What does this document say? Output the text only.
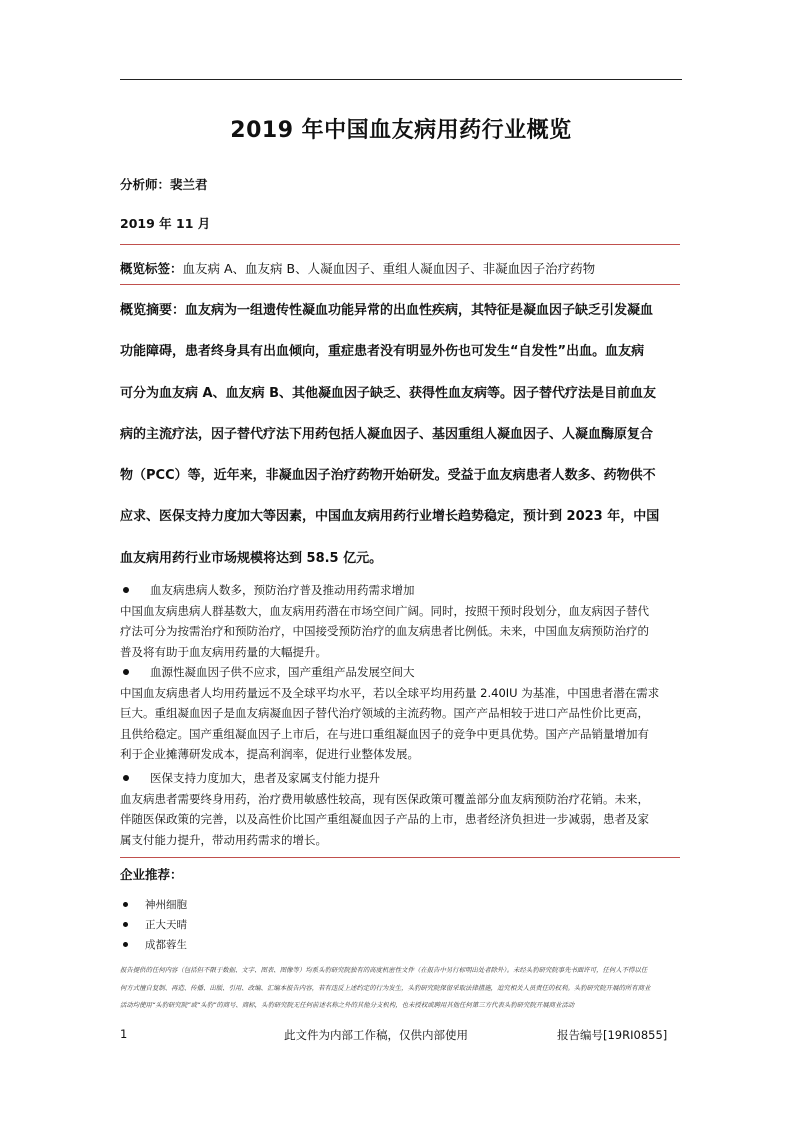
2019 年中国血友病用药行业概览
分析师：裴兰君
2019 年 11 月
概览标签：血友病 A、血友病 B、人凝血因子、重组人凝血因子、非凝血因子治疗药物

概览摘要：血友病为一组遗传性凝血功能异常的出血性疾病，其特征是凝血因子缺乏引发凝血

功能障碍，患者终身具有出血倾向，重症患者没有明显外伤也可发生“自发性”出血。血友病

可分为血友病 A、血友病 B、其他凝血因子缺乏、获得性血友病等。因子替代疗法是目前血友

病的主流疗法，因子替代疗法下用药包括人凝血因子、基因重组人凝血因子、人凝血酶原复合

物（PCC）等，近年来，非凝血因子治疗药物开始研发。受益于血友病患者人数多、药物供不

应求、医保支持力度加大等因素，中国血友病用药行业增长趋势稳定，预计到 2023 年，中国

血友病用药行业市场规模将达到 58.5 亿元。

血友病患病人数多，预防治疗普及推动用药需求增加

中国血友病患病人群基数大，血友病用药潜在市场空间广阔。同时，按照干预时段划分，血友病因子替代

疗法可分为按需治疗和预防治疗，中国接受预防治疗的血友病患者比例低。未来，中国血友病预防治疗的

普及将有助于血友病用药量的大幅提升。

血源性凝血因子供不应求，国产重组产品发展空间大

中国血友病患者人均用药量远不及全球平均水平，若以全球平均用药量 2.40IU 为基准，中国患者潜在需求

巨大。重组凝血因子是血友病凝血因子替代治疗领域的主流药物。国产产品相较于进口产品性价比更高，

且供给稳定。国产重组凝血因子上市后，在与进口重组凝血因子的竞争中更具优势。国产产品销量增加有

利于企业摊薄研发成本，提高利润率，促进行业整体发展。

医保支持力度加大，患者及家属支付能力提升

血友病患者需要终身用药，治疗费用敏感性较高，现有医保政策可覆盖部分血友病预防治疗花销。未来，

伴随医保政策的完善，以及高性价比国产重组凝血因子产品的上市，患者经济负担进一步减弱，患者及家

属支付能力提升，带动用药需求的增长。

企业推荐：
神州细胞
正大天晴
成都蓉生

报告提供的任何内容（包括但不限于数据、文字、图表、图像等）均系头豹研究院独有的高度机密性文件（在报告中另行标明出处者除外）。未经头豹研究院事先书面许可，任何人不得以任

何方式擅自复制、再造、传播、出版、引用、改编、汇编本报告内容，若有违反上述约定的行为发生，头豹研究院保留采取法律措施，追究相关人员责任的权利。头豹研究院开展的所有商业

活动均使用“头豹研究院”或“头豹”的商号、商标，头豹研究院无任何前述名称之外的其他分支机构，也未授权或聘用其他任何第三方代表头豹研究院开展商业活动

1	此文件为内部工作稿，仅供内部使用	报告编号[19RI0855]
